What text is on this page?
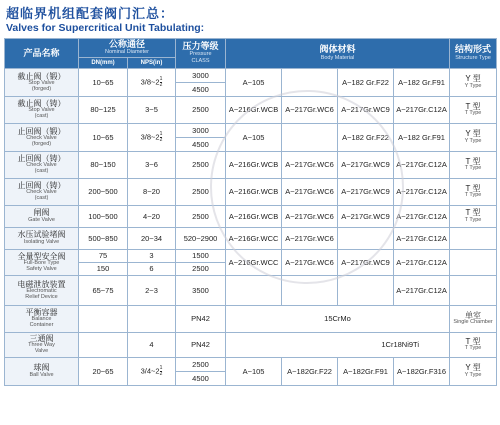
超临界机组配套阀门汇总：
Valves for Supercritical Unit Tabulating:
产品名称	公称通径
Nominal Diameter		压力等级
Pressure
CLASS	阀体材料
Body Material				结构形式
Structure Type

	DN(mm)	NPS(in)						

截止阀（锻）
Stop Valve
(forged)	10~65	3/8~2 $\frac{1}{2}$	3000	A~105		A~182 Gr.F22	A~182 Gr.F91	Y 型
Y Type

			4500					

截止阀（铸）
Stop Valve
(cast)	80~125	3~5	2500	A~216Gr.WCB	A~217Gr.WC6	A~217Gr.WC9	A~217Gr.C12A	T 型
T Type

止回阀（锻）
Check Valve
(forged)	10~65	3/8~2 $\frac{1}{2}$	3000	A~105		A~182 Gr.F22	A~182 Gr.F91	Y 型
Y Type

			4500					

止回阀（铸）
Check Valve
(cast)	80~150	3~6	2500	A~216Gr.WCB	A~217Gr.WC6	A~217Gr.WC9	A~217Gr.C12A	T 型
T Type

止回阀（铸）
Check Valve
(cast)	200~500	8~20	2500	A~216Gr.WCB	A~217Gr.WC6	A~217Gr.WC9	A~217Gr.C12A	T 型
T Type

闸阀
Gate Valve	100~500	4~20	2500	A~216Gr.WCB	A~217Gr.WC6	A~217Gr.WC9	A~217Gr.C12A	T 型
T Type

水压试验堵阀
Isolating Valve	500~850	20~34	520~2900	A~216Gr.WCC	A~217Gr.WC6		A~217Gr.C12A	

全量型安全阀
Full-Bore Type
Safety Valve	75	3	1500	A~216Gr.WCC	A~217Gr.WC6	A~217Gr.WC9	A~217Gr.C12A	

	150	6	2500					

电磁泄放装置
Electromatic
Relief Device	65~75	2~3	3500				A~217Gr.C12A	

平衡容器
Balance
Container			PN42	15CrMo				单室
Single Chamber

三通阀
Three Way
Valve		4	PN42	1Cr18Ni9Ti				T 型
T Type

球阀
Ball Valve	20~65	3/4~2 $\frac{1}{2}$	2500	A~105	A~182Gr.F22	A~182Gr.F91	A~182Gr.F316	Y 型
Y Type

			4500					
